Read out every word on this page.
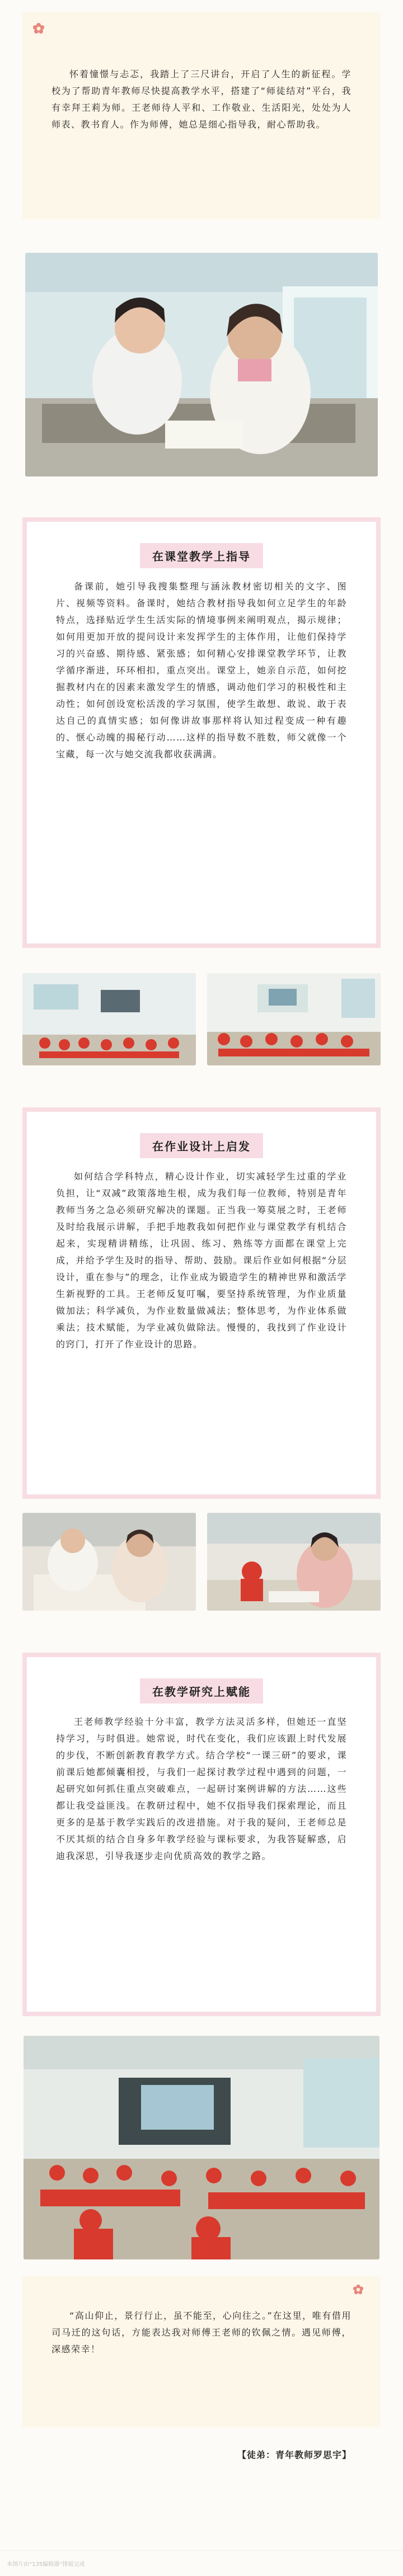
怀着憧憬与忐忑，我踏上了三尺讲台，开启了人生的新征程。学校为了帮助青年教师尽快提高教学水平，搭建了“师徒结对”平台，我有幸拜王莉为师。王老师待人平和、工作敬业、生活阳光，处处为人师表、教书育人。作为师傅，她总是细心指导我，耐心帮助我。

在课堂教学上指导

备课前，她引导我搜集整理与涵泳教材密切相关的文字、图片、视频等资料。备课时，她结合教材指导我如何立足学生的年龄特点，选择贴近学生生活实际的情境事例来阐明观点，揭示规律；如何用更加开放的提问设计来发挥学生的主体作用，让他们保持学习的兴奋感、期待感、紧张感；如何精心安排课堂教学环节，让教学循序渐进，环环相扣，重点突出。课堂上，她亲自示范，如何挖掘教材内在的因素来激发学生的情感，调动他们学习的积极性和主动性；如何创设宽松活泼的学习氛围，使学生敢想、敢说、敢于表达自己的真情实感；如何像讲故事那样将认知过程变成一种有趣的、惬心动魄的揭秘行动……这样的指导数不胜数，师父就像一个宝藏，每一次与她交流我都收获满满。

在作业设计上启发

如何结合学科特点，精心设计作业，切实减轻学生过重的学业负担，让“双减”政策落地生根，成为我们每一位教师，特别是青年教师当务之急必须研究解决的课题。正当我一筹莫展之时，王老师及时给我展示讲解，手把手地教我如何把作业与课堂教学有机结合起来，实现精讲精练，让巩固、练习、熟练等方面都在课堂上完成，并给予学生及时的指导、帮助、鼓励。课后作业如何根据“分层设计，重在参与”的理念，让作业成为锻造学生的精神世界和激活学生新视野的工具。王老师反复叮嘱，要坚持系统管理，为作业质量做加法；科学减负，为作业数量做减法；整体思考，为作业体系做乘法；技术赋能，为学业减负做除法。慢慢的，我找到了作业设计的窍门，打开了作业设计的思路。

在教学研究上赋能

王老师教学经验十分丰富，教学方法灵活多样，但她还一直坚持学习，与时俱进。她常说，时代在变化，我们应该跟上时代发展的步伐，不断创新教育教学方式。结合学校“一课三研”的要求，课前课后她都倾囊相授，与我们一起探讨教学过程中遇到的问题，一起研究如何抓住重点突破难点，一起研讨案例讲解的方法……这些都让我受益匪浅。在教研过程中，她不仅指导我们探索理论，而且更多的是基于教学实践后的改进措施。对于我的疑问，王老师总是不厌其烦的结合自身多年教学经验与课标要求，为我答疑解惑，启迪我深思，引导我逐步走向优质高效的教学之路。

“高山仰止，景行行止，虽不能至，心向往之。”在这里，唯有借用司马迁的这句话，方能表达我对师傅王老师的钦佩之情。遇见师傅，深感荣幸！

【徒弟：青年教师罗思宇】
本图片由“135编辑器”排版完成
